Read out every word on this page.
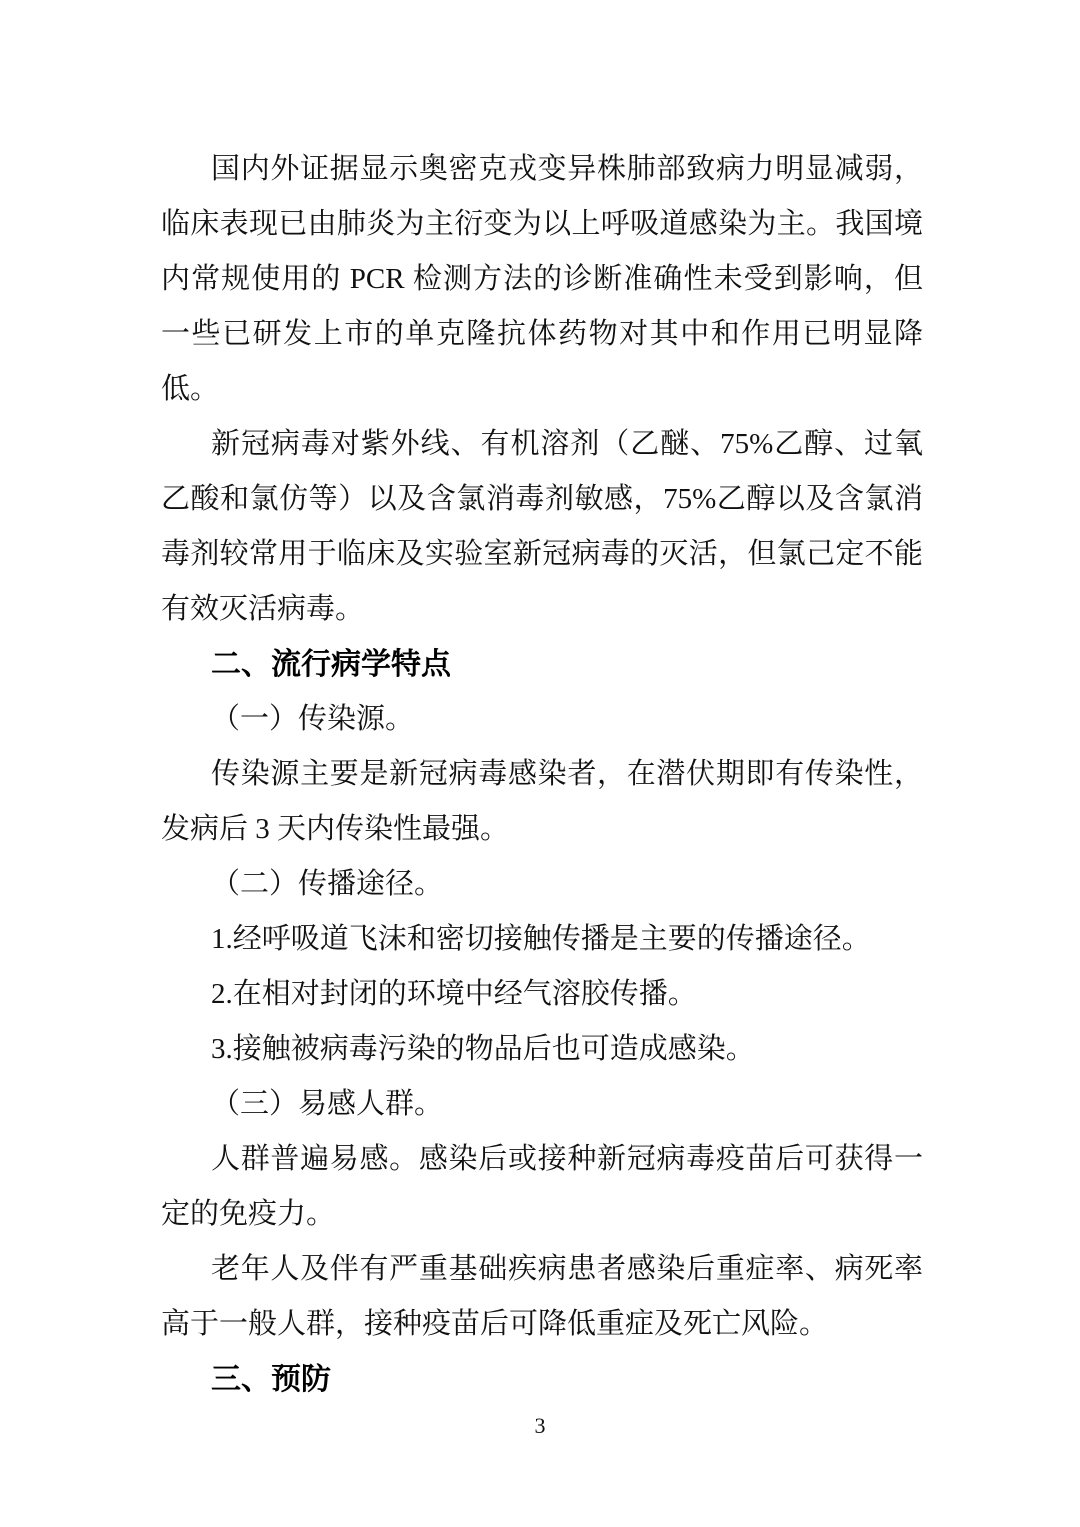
国内外证据显示奥密克戎变异株肺部致病力明显减弱，临床表现已由肺炎为主衍变为以上呼吸道感染为主。我国境内常规使用的 PCR 检测方法的诊断准确性未受到影响，但一些已研发上市的单克隆抗体药物对其中和作用已明显降低。

新冠病毒对紫外线、有机溶剂（乙醚、75%乙醇、过氧乙酸和氯仿等）以及含氯消毒剂敏感，75%乙醇以及含氯消毒剂较常用于临床及实验室新冠病毒的灭活，但氯己定不能有效灭活病毒。

二、流行病学特点

（一）传染源。

传染源主要是新冠病毒感染者，在潜伏期即有传染性，发病后 3 天内传染性最强。

（二）传播途径。

1.经呼吸道飞沫和密切接触传播是主要的传播途径。

2.在相对封闭的环境中经气溶胶传播。

3.接触被病毒污染的物品后也可造成感染。

（三）易感人群。

人群普遍易感。感染后或接种新冠病毒疫苗后可获得一定的免疫力。

老年人及伴有严重基础疾病患者感染后重症率、病死率高于一般人群，接种疫苗后可降低重症及死亡风险。

三、预防

3
